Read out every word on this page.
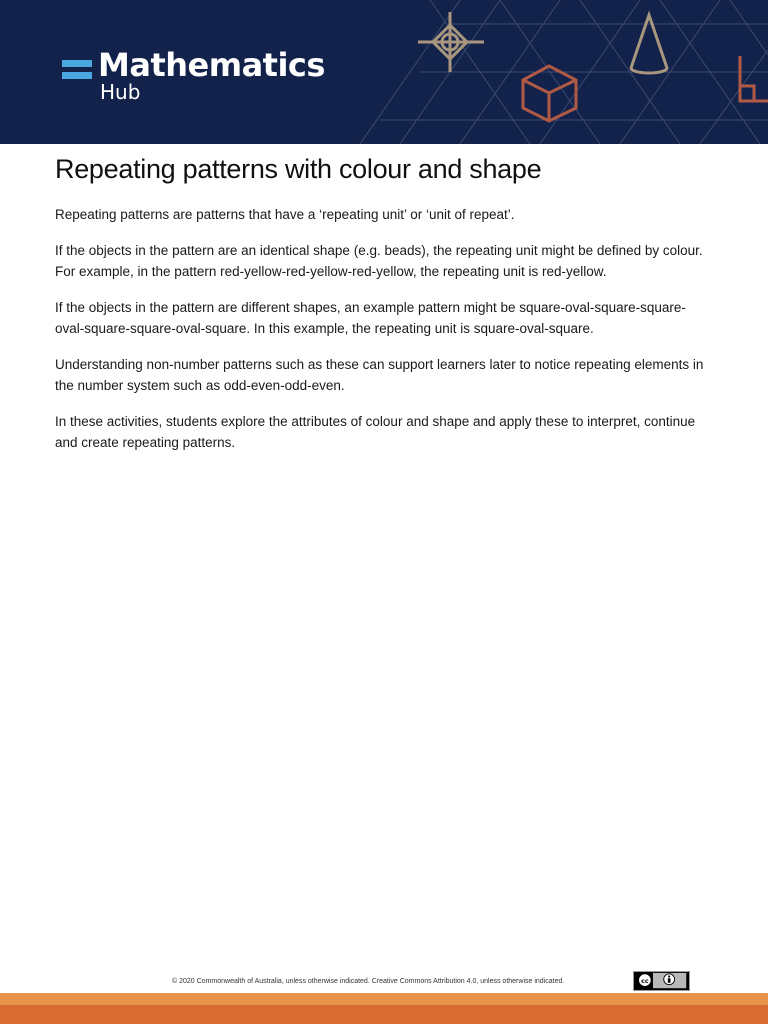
Mathematics
Hub
Repeating patterns with colour and shape

Repeating patterns are patterns that have a ‘repeating unit’ or ‘unit of repeat’.

If the objects in the pattern are an identical shape (e.g. beads), the repeating unit might be defined by colour. For example, in the pattern red-yellow-red-yellow-red-yellow, the repeating unit is red-yellow.

If the objects in the pattern are different shapes, an example pattern might be square-oval-square-square-oval-square-square-oval-square. In this example, the repeating unit is square-oval-square.

Understanding non-number patterns such as these can support learners later to notice repeating elements in the number system such as odd-even-odd-even.

In these activities, students explore the attributes of colour and shape and apply these to interpret, continue and create repeating patterns.

© 2020 Commonwealth of Australia, unless otherwise indicated. Creative Commons Attribution 4.0, unless otherwise indicated.	cc
